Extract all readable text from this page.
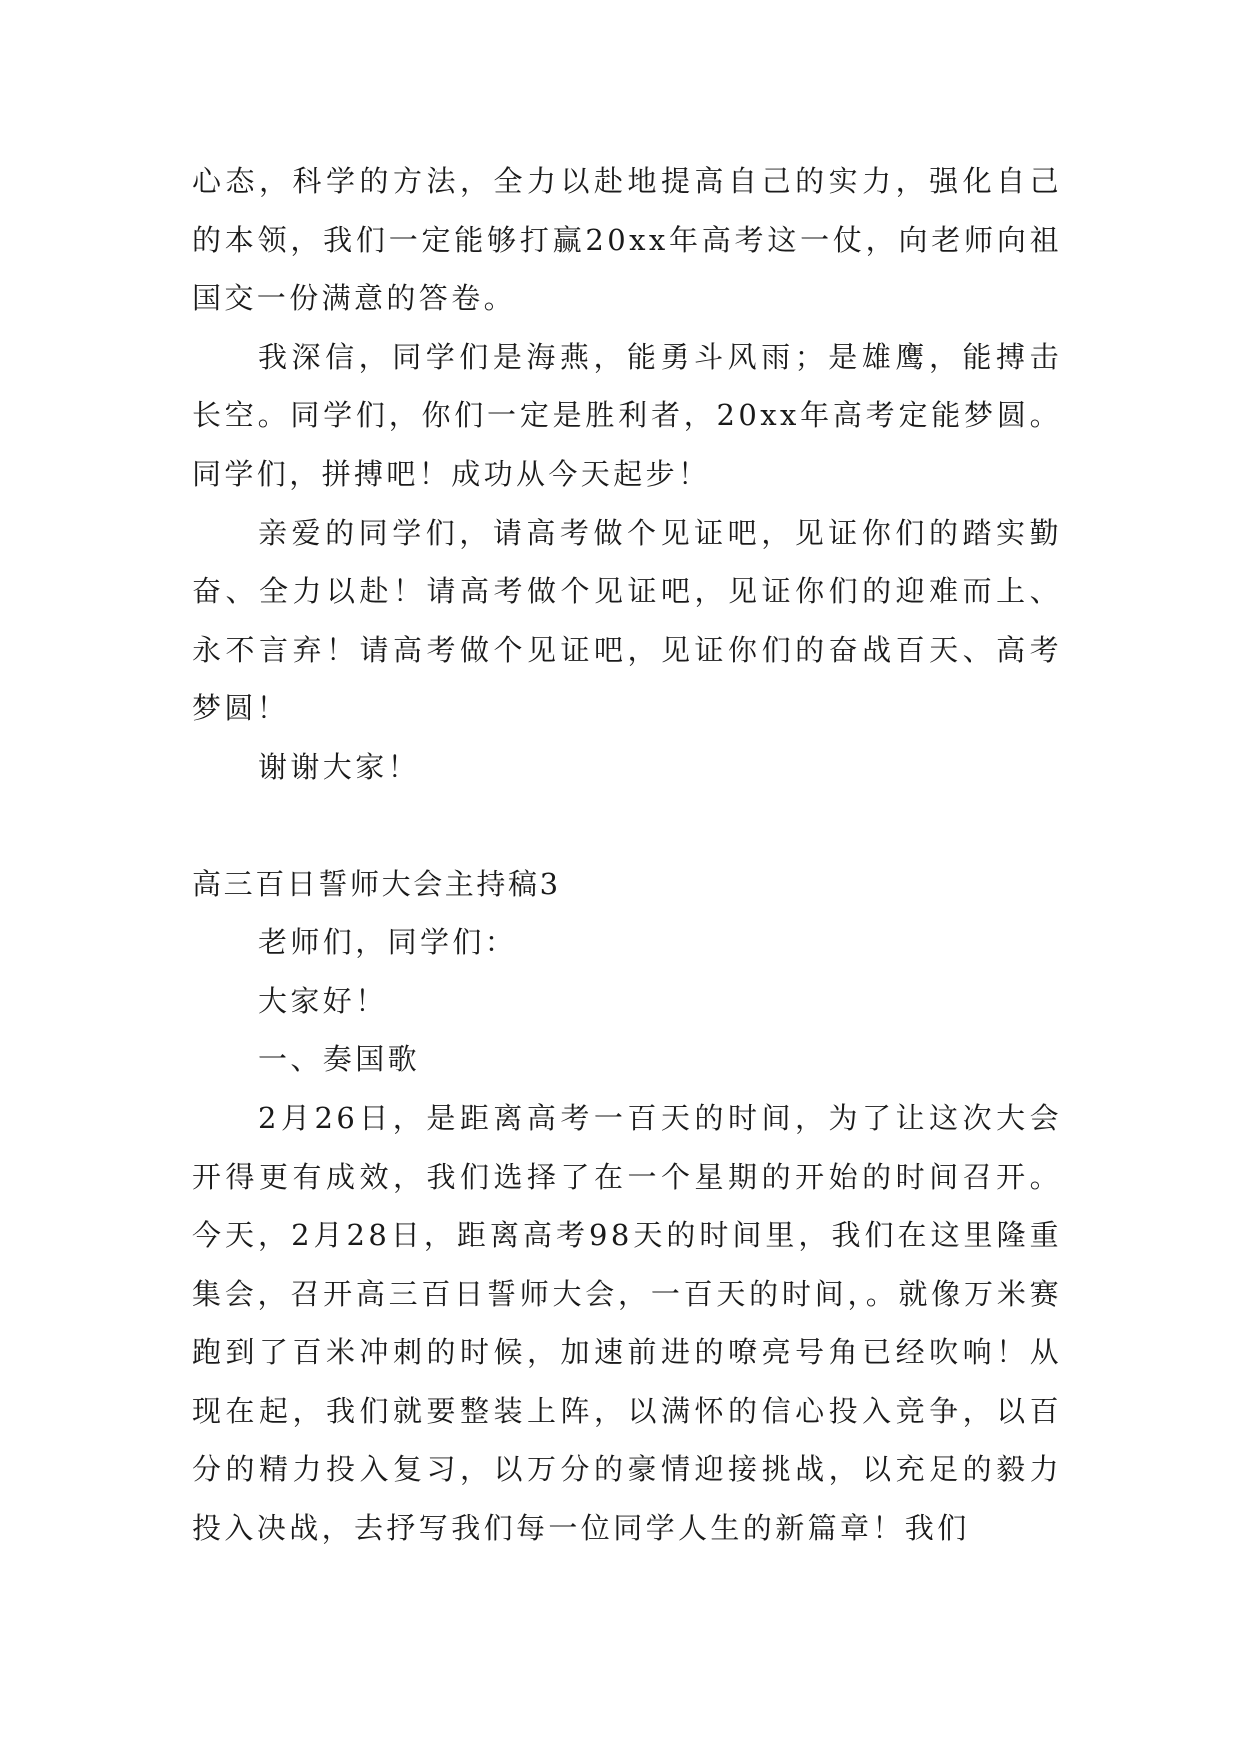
心态，科学的方法，全力以赴地提高自己的实力，强化自己的本领，我们一定能够打赢20xx年高考这一仗，向老师向祖国交一份满意的答卷。

我深信，同学们是海燕，能勇斗风雨；是雄鹰，能搏击长空。同学们，你们一定是胜利者，20xx年高考定能梦圆。同学们，拼搏吧！成功从今天起步！

亲爱的同学们，请高考做个见证吧，见证你们的踏实勤奋、全力以赴！请高考做个见证吧，见证你们的迎难而上、永不言弃！请高考做个见证吧，见证你们的奋战百天、高考梦圆！

谢谢大家！

高三百日誓师大会主持稿3

老师们，同学们：

大家好！

一、奏国歌

2月26日，是距离高考一百天的时间，为了让这次大会开得更有成效，我们选择了在一个星期的开始的时间召开。今天，2月28日，距离高考98天的时间里，我们在这里隆重集会，召开高三百日誓师大会，一百天的时间，。就像万米赛跑到了百米冲刺的时候，加速前进的嘹亮号角已经吹响！从现在起，我们就要整装上阵，以满怀的信心投入竞争，以百分的精力投入复习，以万分的豪情迎接挑战，以充足的毅力投入决战，去抒写我们每一位同学人生的新篇章！我们
